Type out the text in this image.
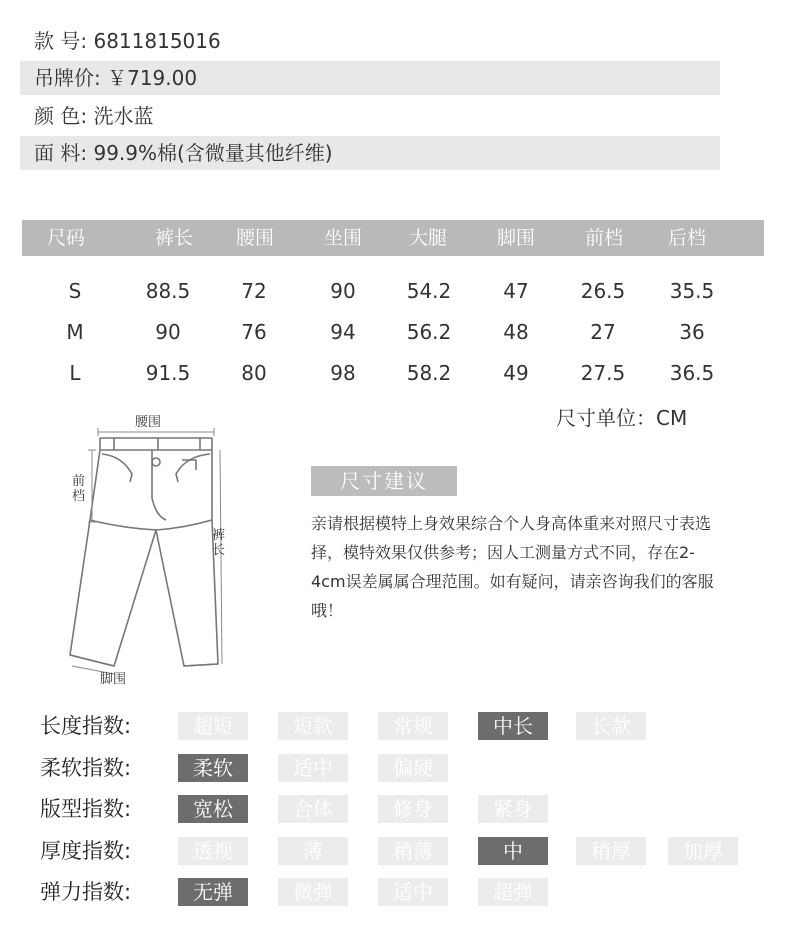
款 号: 6811815016
吊牌价: ￥719.00
颜 色: 洗水蓝
面 料: 99.9%棉(含微量其他纤维)
尺码	裤长	腰围	坐围	大腿	脚围	前档	后档
S	88.5	72	90	54.2	47	26.5	35.5
M	90	76	94	56.2	48	27	36
L	91.5	80	98	58.2	49	27.5	36.5
尺寸单位：CM
腰围
前档
裤长
脚围
尺寸建议
亲请根据模特上身效果综合个人身高体重来对照尺寸表选择，模特效果仅供参考；因人工测量方式不同，存在2-4cm误差属属合理范围。如有疑问，请亲咨询我们的客服哦！
长度指数:	超短	短款	常规	中长	长款
柔软指数:	柔软	适中	偏硬
版型指数:	宽松	合体	修身	紧身
厚度指数:	透视	薄	稍薄	中	稍厚	加厚
弹力指数:	无弹	微弹	适中	超弹
